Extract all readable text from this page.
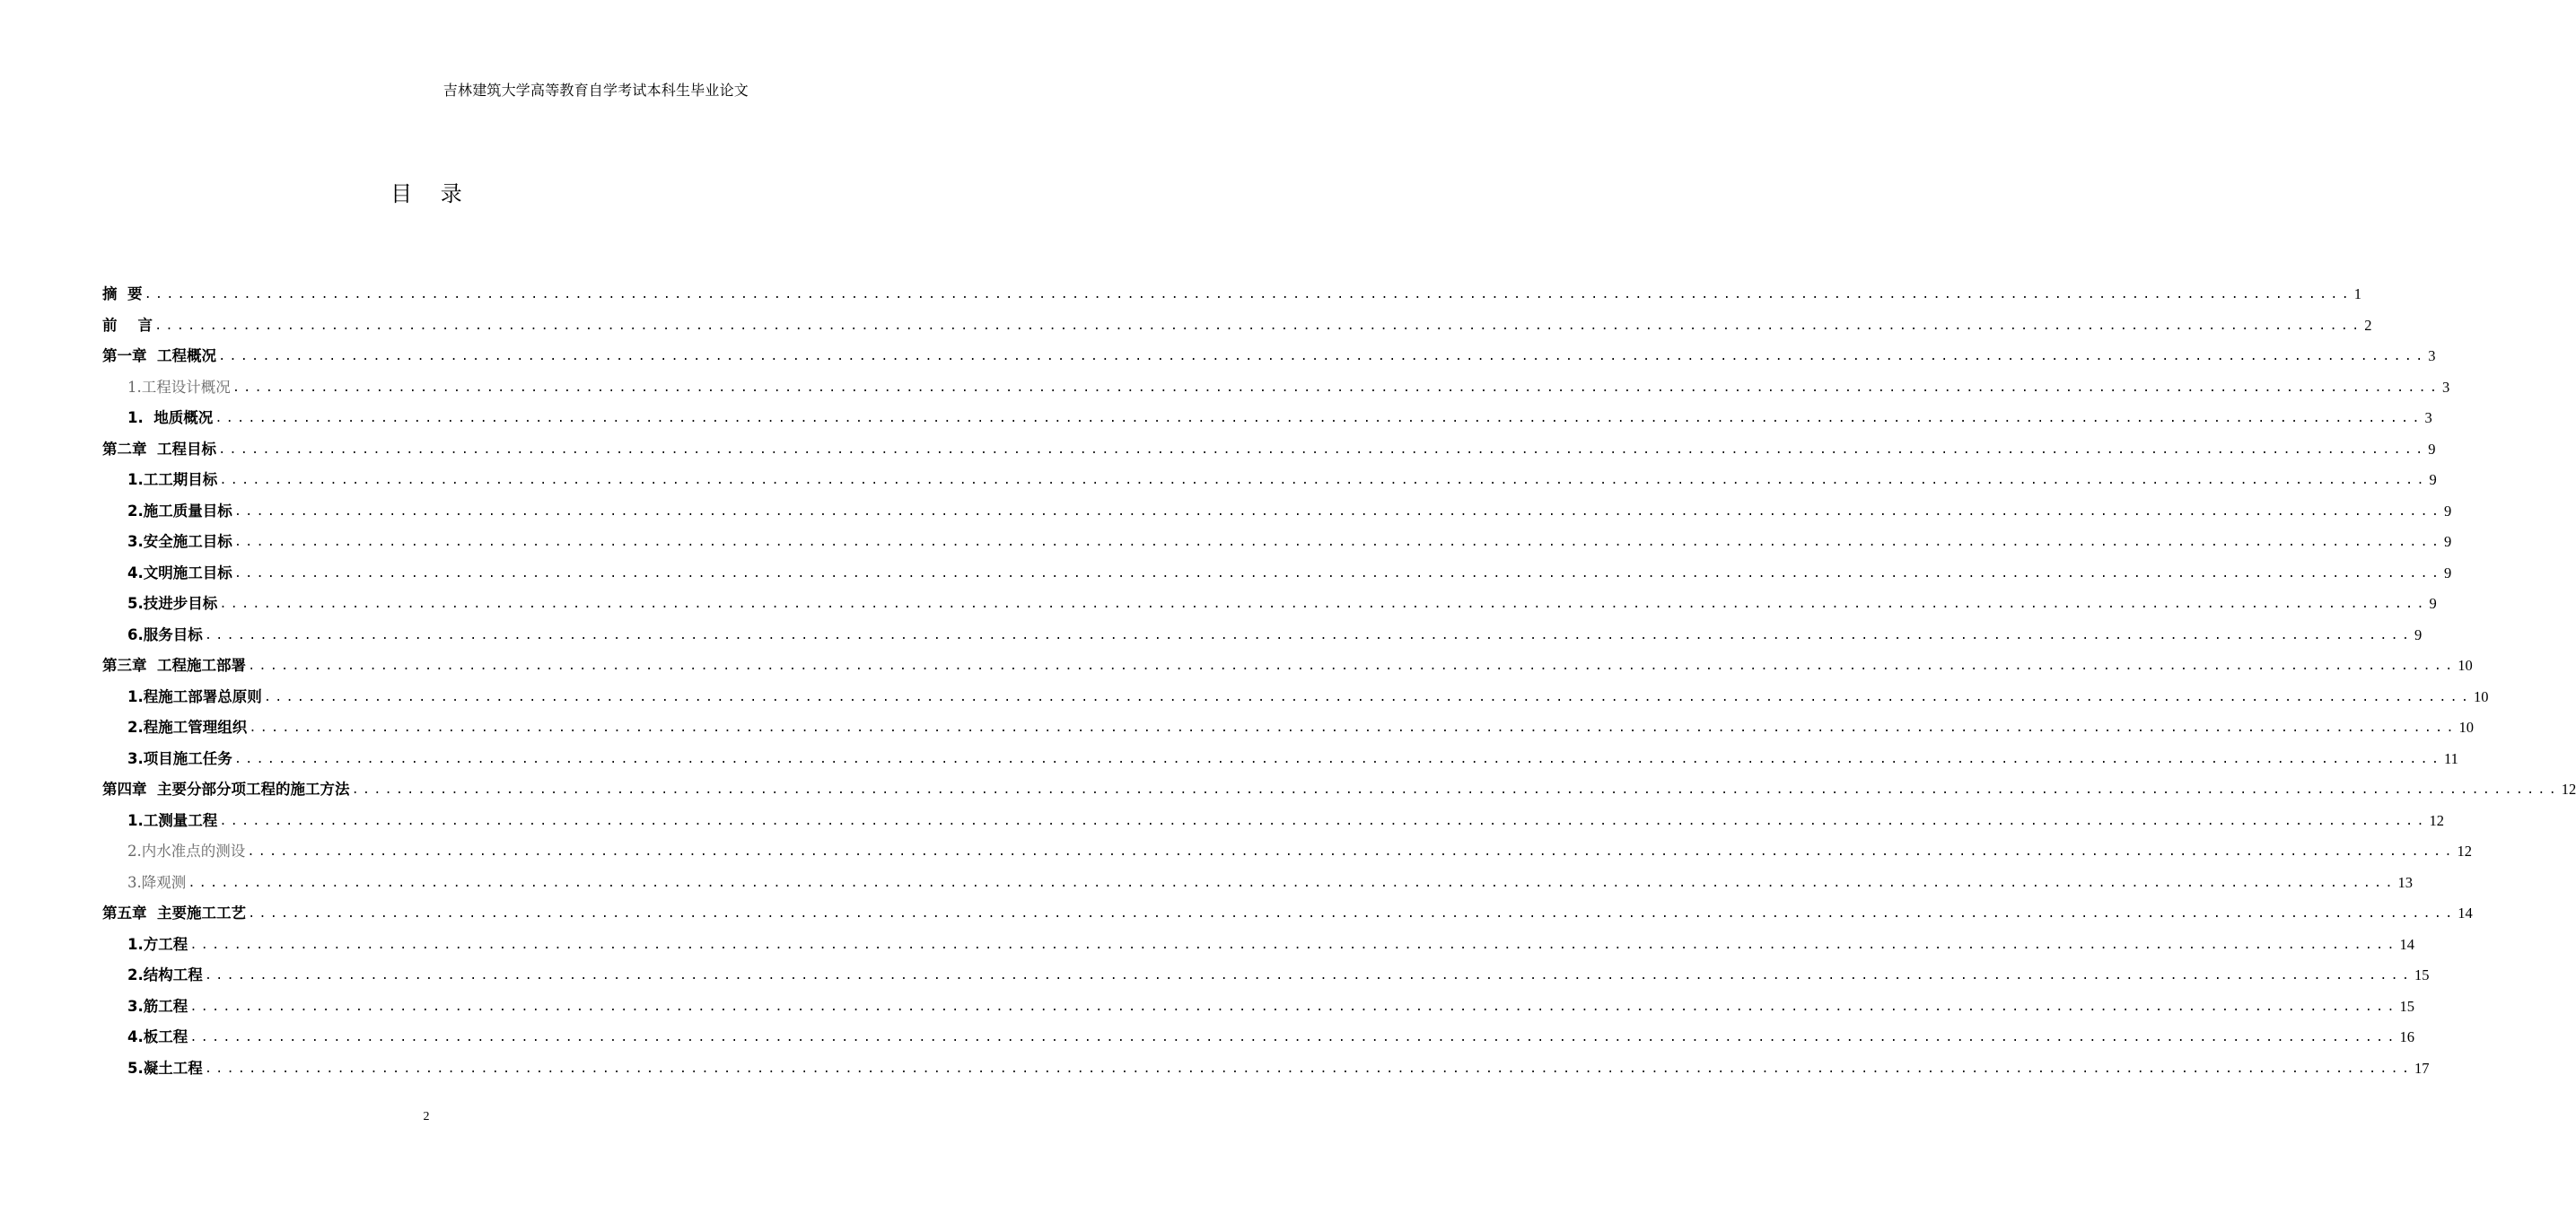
吉林建筑大学高等教育自学考试本科生毕业论文
目 录
摘  要 ........................................................................................................................................................................................................ 1
前    言 ........................................................................................................................................................................................................ 2
第一章  工程概况 ........................................................................................................................................................................................................ 3
1.工程设计概况 ........................................................................................................................................................................................................ 3
1.  地质概况 ........................................................................................................................................................................................................ 3
第二章  工程目标 ........................................................................................................................................................................................................ 9
1.工工期目标 ........................................................................................................................................................................................................ 9
2.施工质量目标 ........................................................................................................................................................................................................ 9
3.安全施工目标 ........................................................................................................................................................................................................ 9
4.文明施工目标 ........................................................................................................................................................................................................ 9
5.技进步目标 ........................................................................................................................................................................................................ 9
6.服务目标 ........................................................................................................................................................................................................ 9
第三章  工程施工部署 ........................................................................................................................................................................................................ 10
1.程施工部署总原则 ........................................................................................................................................................................................................ 10
2.程施工管理组织 ........................................................................................................................................................................................................ 10
3.项目施工任务 ........................................................................................................................................................................................................ 11
第四章  主要分部分项工程的施工方法 ........................................................................................................................................................................................................ 12
1.工测量工程 ........................................................................................................................................................................................................ 12
2.内水准点的测设 ........................................................................................................................................................................................................ 12
3.降观测 ........................................................................................................................................................................................................ 13
第五章  主要施工工艺 ........................................................................................................................................................................................................ 14
1.方工程 ........................................................................................................................................................................................................ 14
2.结构工程 ........................................................................................................................................................................................................ 15
3.筋工程 ........................................................................................................................................................................................................ 15
4.板工程 ........................................................................................................................................................................................................ 16
5.凝土工程 ........................................................................................................................................................................................................ 17
2
